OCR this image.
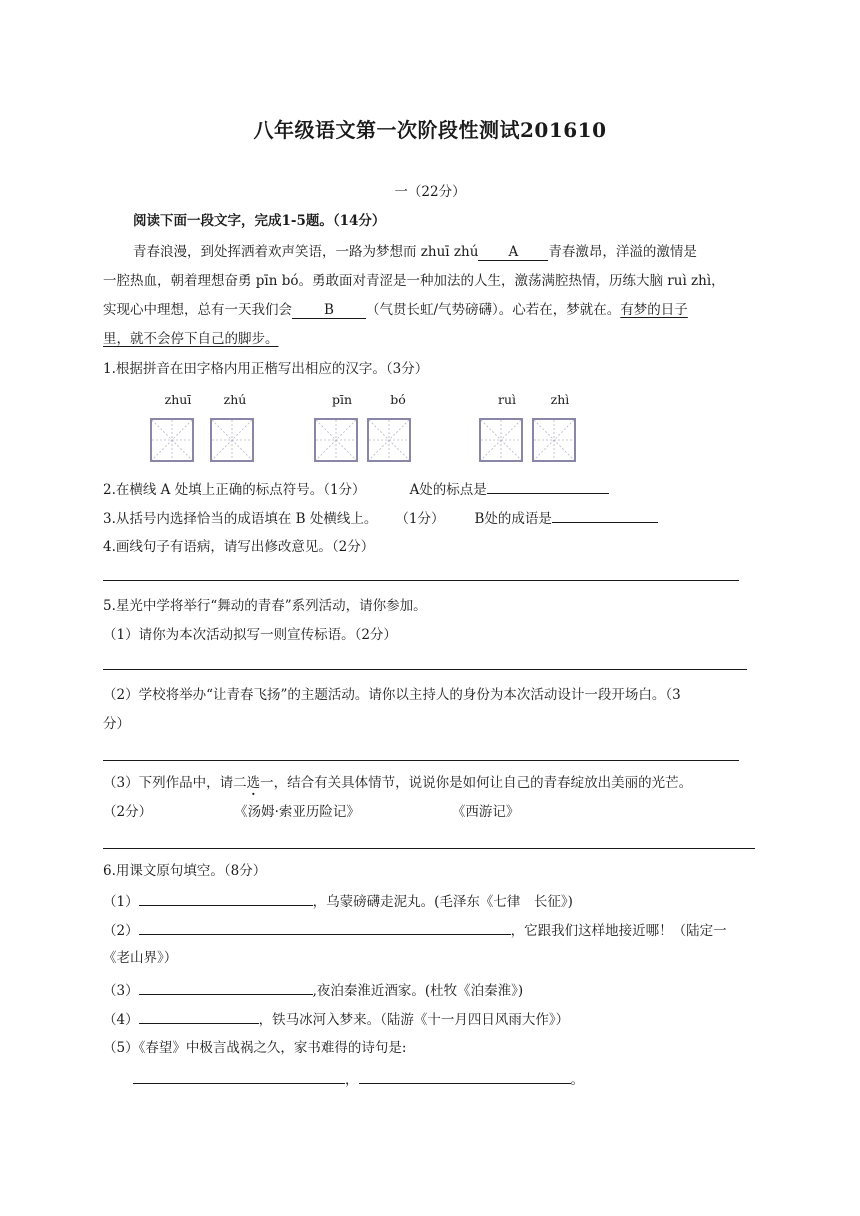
八年级语文第一次阶段性测试201610
一（22分）
阅读下面一段文字，完成1-5题。（14分）
青春浪漫，到处挥洒着欢声笑语，一路为梦想而 zhuī zhú A 青春激昂，洋溢的激情是
一腔热血，朝着理想奋勇 pīn bó。勇敢面对青涩是一种加法的人生，激荡满腔热情，历练大脑 ruì zhì，
实现心中理想，总有一天我们会 B （气贯长虹/气势磅礴）。心若在，梦就在。有梦的日子
里，就不会停下自己的脚步。
1.根据拼音在田字格内用正楷写出相应的汉字。（3分）
zhuī	zhú	pīn	bó	ruì	zhì
2.在横线 A 处填上正确的标点符号。（1分）	A处的标点是
3.从括号内选择恰当的成语填在 B 处横线上。 （1分） B处的成语是
4.画线句子有语病，请写出修改意见。（2分）
5.星光中学将举行“舞动的青春”系列活动，请你参加。
（1）请你为本次活动拟写一则宣传标语。（2分）
（2）学校将举办“让青春飞扬”的主题活动。请你以主持人的身份为本次活动设计一段开场白。（3
分）
（3）下列作品中，请二选一，结合有关具体情节，说说你是如何让自己的青春绽放出美丽的光芒。
（2分）	《汤姆·索亚历险记》	《西游记》
6.用课文原句填空。（8分）
（1）	，乌蒙磅礴走泥丸。(毛泽东《七律　长征》)
（2）	，它跟我们这样地接近哪！（陆定一
《老山界》）
（3）	,夜泊秦淮近酒家。(杜牧《泊秦淮》)
（4）	，铁马冰河入梦来。（陆游《十一月四日风雨大作》）
（5）《春望》中极言战祸之久，家书难得的诗句是:
，	。
